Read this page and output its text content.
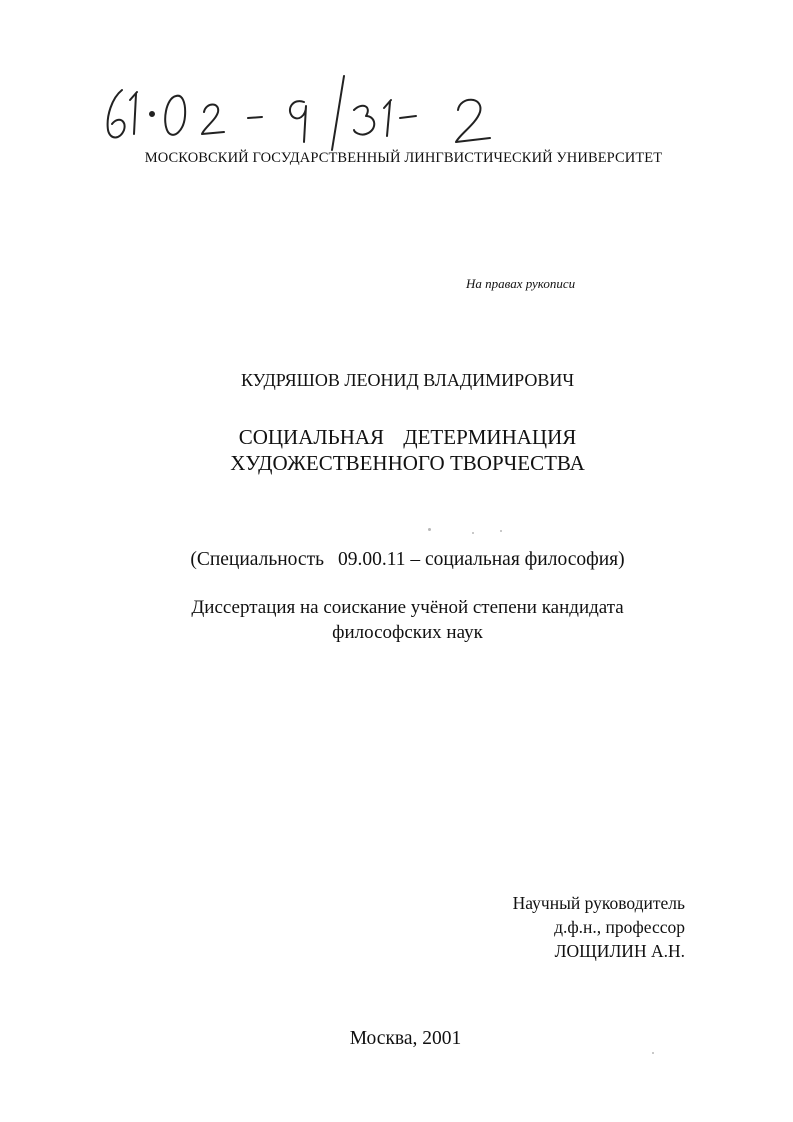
МОСКОВСКИЙ ГОСУДАРСТВЕННЫЙ ЛИНГВИСТИЧЕСКИЙ УНИВЕРСИТЕТ
На правах рукописи
КУДРЯШОВ ЛЕОНИД ВЛАДИМИРОВИЧ
СОЦИАЛЬНАЯ ДЕТЕРМИНАЦИЯ
ХУДОЖЕСТВЕННОГО ТВОРЧЕСТВА
(Специальность 09.00.11 – социальная философия)
Диссертация на соискание учёной степени кандидата
философских наук
Научный руководитель
д.ф.н., профессор
ЛОЩИЛИН А.Н.
Москва, 2001
